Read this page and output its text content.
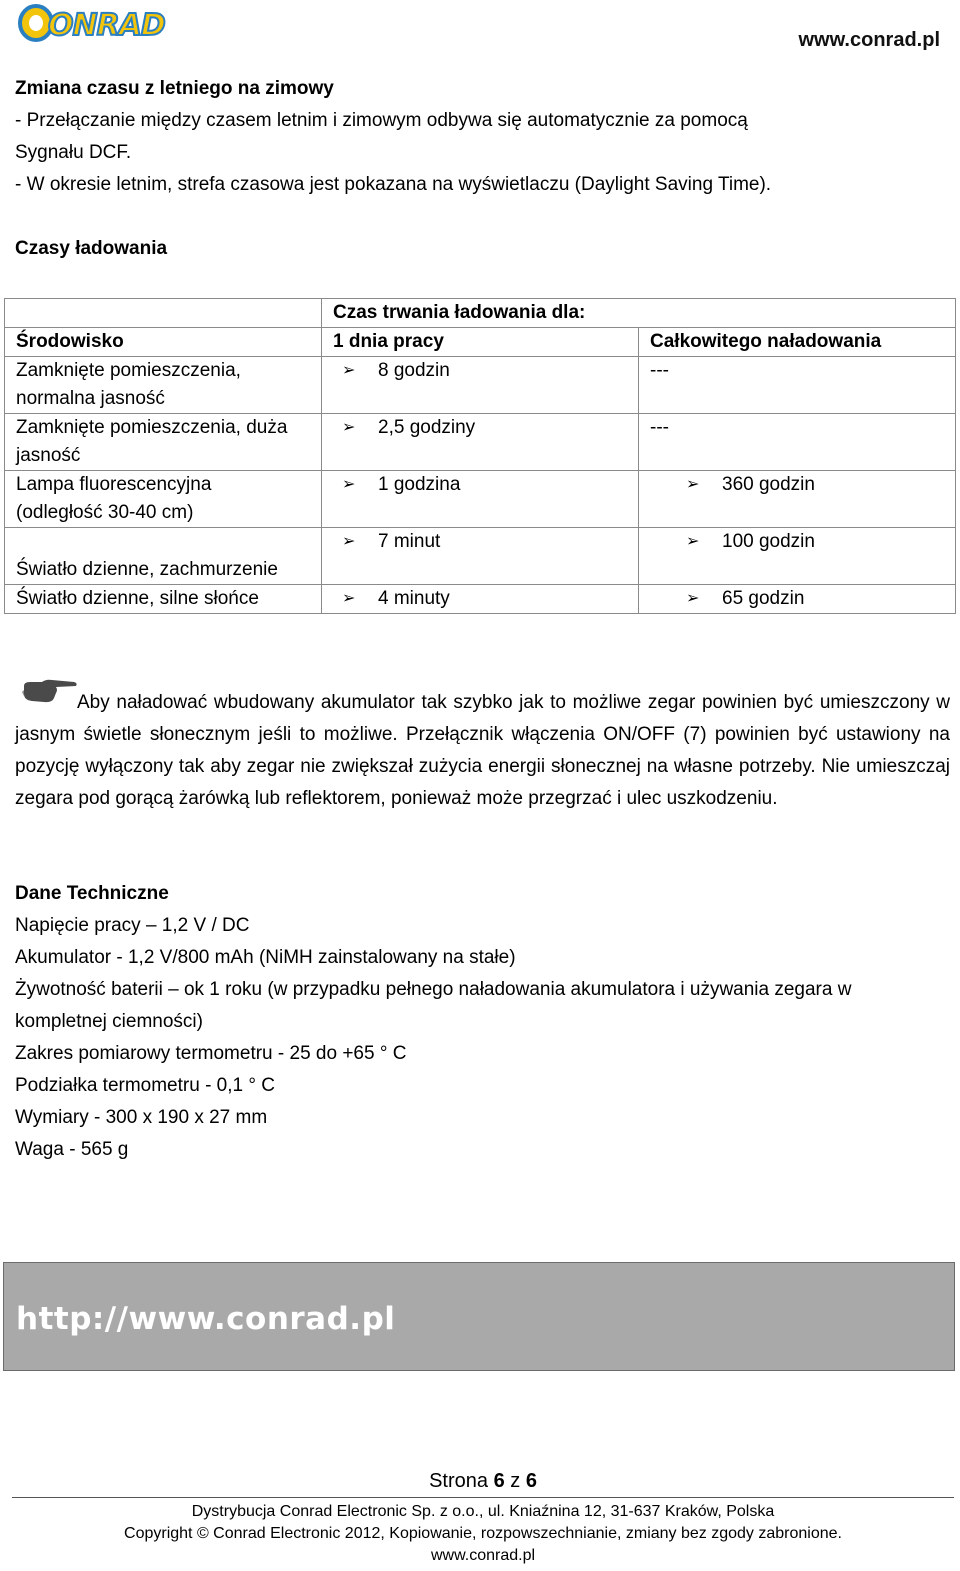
ONRAD	www.conrad.pl
Zmiana czasu z letniego na zimowy
- Przełączanie między czasem letnim i zimowym odbywa się automatycznie za pomocą
Sygnału DCF.
- W okresie letnim, strefa czasowa jest pokazana na wyświetlaczu (Daylight Saving Time).
Czasy ładowania
	Czas trwania ładowania dla:	
Środowisko	1 dnia pracy	Całkowitego naładowania
Zamknięte pomieszczenia,
normalna jasność	➢ 8 godzin	---
Zamknięte pomieszczenia, duża
jasność	➢ 2,5 godziny	---
Lampa fluorescencyjna
(odległość 30-40 cm)	➢ 1 godzina	➢ 360 godzin

Światło dzienne, zachmurzenie	➢ 7 minut	➢ 100 godzin
Światło dzienne, silne słońce	➢ 4 minuty	➢ 65 godzin
Aby naładować wbudowany akumulator tak szybko jak to możliwe zegar powinien być umieszczony w jasnym świetle słonecznym jeśli to możliwe. Przełącznik włączenia ON/OFF (7) powinien być ustawiony na pozycję wyłączony tak aby zegar nie zwiększał zużycia energii słonecznej na własne potrzeby. Nie umieszczaj zegara pod gorącą żarówką lub reflektorem, ponieważ może przegrzać i ulec uszkodzeniu.
Dane Techniczne
Napięcie pracy – 1,2 V / DC
Akumulator - 1,2 V/800 mAh (NiMH zainstalowany na stałe)
Żywotność baterii – ok 1 roku (w przypadku pełnego naładowania akumulatora i używania zegara w
kompletnej ciemności)
Zakres pomiarowy termometru - 25 do +65 ° C
Podziałka termometru - 0,1 ° C
Wymiary - 300 x 190 x 27 mm
Waga - 565 g
http://www.conrad.pl
Strona 6 z 6
Dystrybucja Conrad Electronic Sp. z o.o., ul. Kniaźnina 12, 31-637 Kraków, Polska
Copyright © Conrad Electronic 2012, Kopiowanie, rozpowszechnianie, zmiany bez zgody zabronione.
www.conrad.pl
